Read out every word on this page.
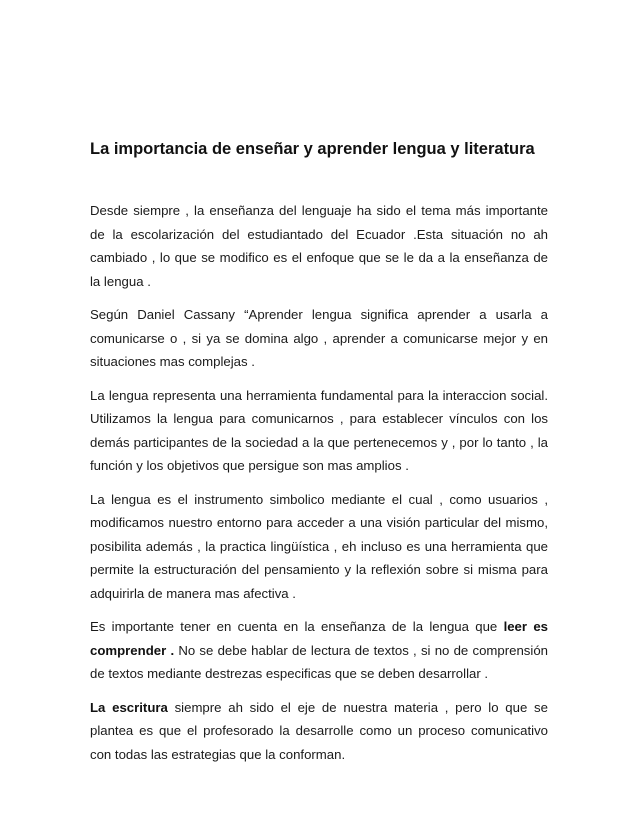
La importancia de enseñar y aprender lengua y literatura

Desde siempre , la enseñanza del lenguaje ha sido el tema más importante de la escolarización del estudiantado del Ecuador .Esta situación no ah cambiado , lo que se modifico es el enfoque que se le da a la enseñanza de la lengua .

Según Daniel Cassany “Aprender lengua significa aprender a usarla a comunicarse o , si ya se domina algo , aprender a comunicarse mejor y en situaciones mas complejas .

La lengua representa una herramienta fundamental para la interaccion social. Utilizamos la lengua para comunicarnos , para establecer vínculos con los demás participantes de la sociedad a la que pertenecemos y , por lo tanto , la función y los objetivos que persigue son mas amplios .

La lengua es el instrumento simbolico mediante el cual , como usuarios , modificamos nuestro entorno para acceder a una visión particular del mismo, posibilita además , la practica lingüística , eh incluso es una herramienta que permite la estructuración del pensamiento y la reflexión sobre si misma para adquirirla de manera mas afectiva .

Es importante tener en cuenta en la enseñanza de la lengua que leer es comprender . No se debe hablar de lectura de textos , si no de comprensión de textos mediante destrezas especificas que se deben desarrollar .

La escritura siempre ah sido el eje de nuestra materia , pero lo que se plantea es que el profesorado la desarrolle como un proceso comunicativo con todas las estrategias que la conforman.
